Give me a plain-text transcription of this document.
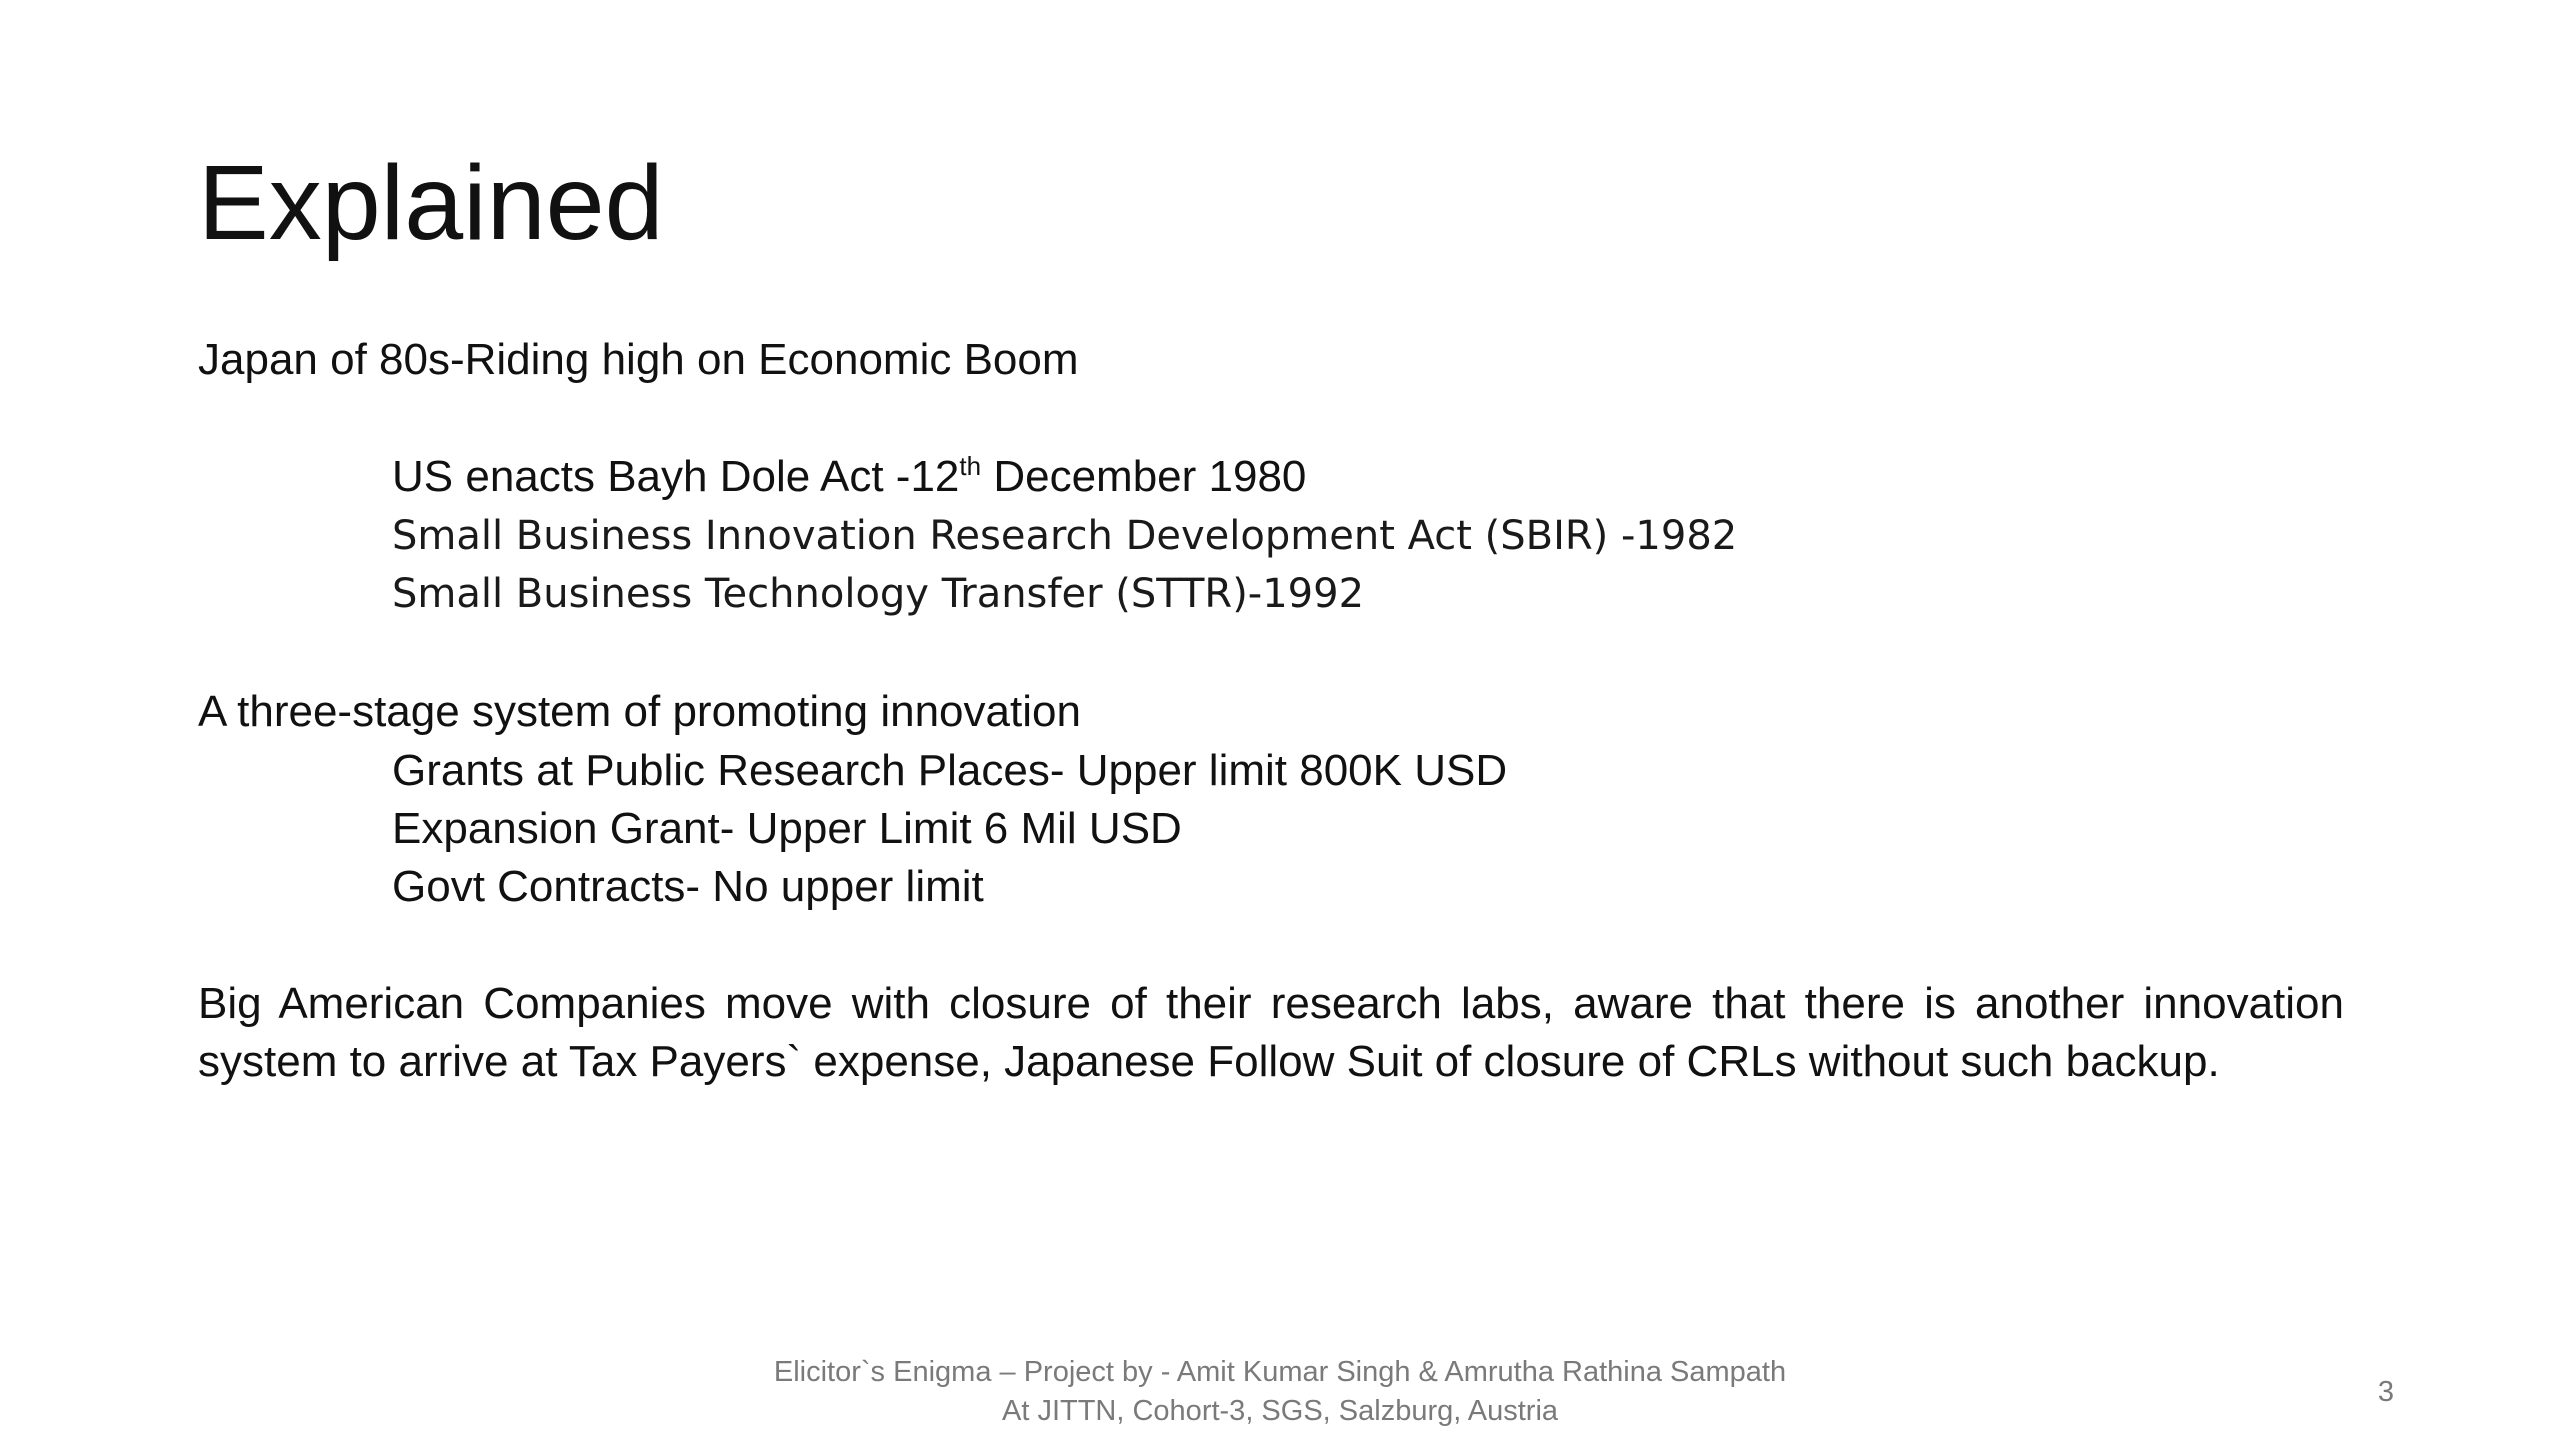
Explained
Japan of 80s-Riding high on Economic Boom
US enacts Bayh Dole Act -12th December 1980
Small Business Innovation Research Development Act (SBIR) -1982
Small Business Technology Transfer (STTR)-1992
A three-stage system of promoting innovation
Grants at Public Research Places- Upper limit 800K USD
Expansion Grant- Upper Limit 6 Mil USD
Govt Contracts- No upper limit

Big American Companies move with closure of their research labs, aware that there is another innovation system to arrive at Tax Payers` expense, Japanese Follow Suit of closure of CRLs without such backup.

Elicitor`s Enigma – Project by - Amit Kumar Singh & Amrutha Rathina Sampath
At JITTN, Cohort-3, SGS, Salzburg, Austria
3
